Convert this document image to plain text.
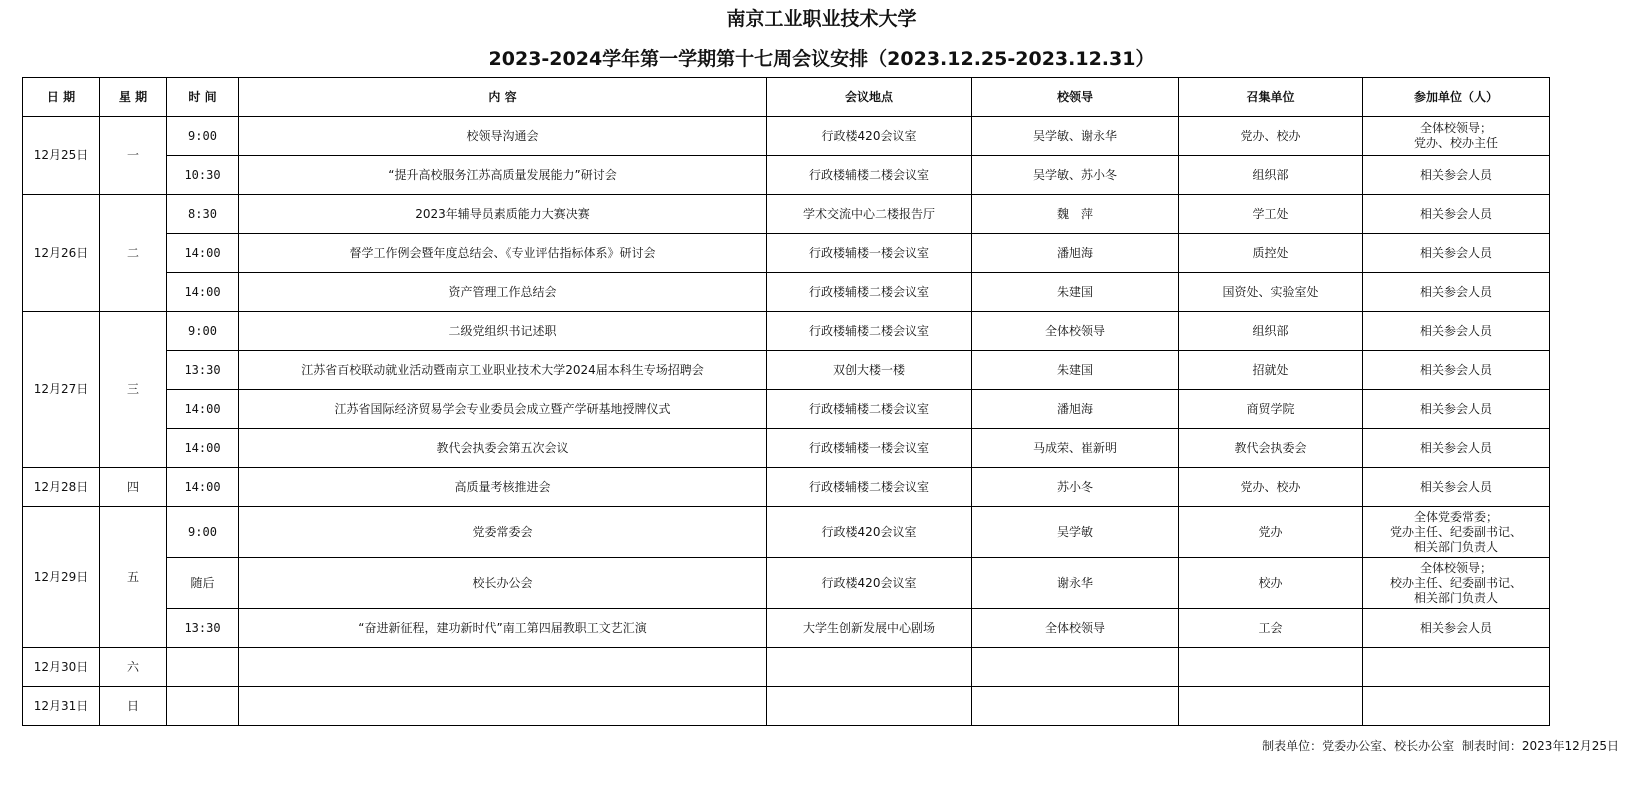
南京工业职业技术大学
2023-2024学年第一学期第十七周会议安排（2023.12.25-2023.12.31）
日 期	星 期	时 间	内 容	会议地点	校领导	召集单位	参加单位（人）
12月25日	一	9:00	校领导沟通会	行政楼420会议室	吴学敏、谢永华	党办、校办	全体校领导；
党办、校办主任
		10:30	“提升高校服务江苏高质量发展能力”研讨会	行政楼辅楼二楼会议室	吴学敏、苏小冬	组织部	相关参会人员
12月26日	二	8:30	2023年辅导员素质能力大赛决赛	学术交流中心二楼报告厅	魏　萍	学工处	相关参会人员
		14:00	督学工作例会暨年度总结会、《专业评估指标体系》研讨会	行政楼辅楼一楼会议室	潘旭海	质控处	相关参会人员
		14:00	资产管理工作总结会	行政楼辅楼二楼会议室	朱建国	国资处、实验室处	相关参会人员
12月27日	三	9:00	二级党组织书记述职	行政楼辅楼二楼会议室	全体校领导	组织部	相关参会人员
		13:30	江苏省百校联动就业活动暨南京工业职业技术大学2024届本科生专场招聘会	双创大楼一楼	朱建国	招就处	相关参会人员
		14:00	江苏省国际经济贸易学会专业委员会成立暨产学研基地授牌仪式	行政楼辅楼二楼会议室	潘旭海	商贸学院	相关参会人员
		14:00	教代会执委会第五次会议	行政楼辅楼一楼会议室	马成荣、崔新明	教代会执委会	相关参会人员
12月28日	四	14:00	高质量考核推进会	行政楼辅楼二楼会议室	苏小冬	党办、校办	相关参会人员
12月29日	五	9:00	党委常委会	行政楼420会议室	吴学敏	党办	全体党委常委；
党办主任、纪委副书记、
相关部门负责人
		随后	校长办公会	行政楼420会议室	谢永华	校办	全体校领导；
校办主任、纪委副书记、
相关部门负责人
		13:30	“奋进新征程，建功新时代”南工第四届教职工文艺汇演	大学生创新发展中心剧场	全体校领导	工会	相关参会人员
12月30日	六						
12月31日	日						
制表单位：党委办公室、校长办公室 制表时间：2023年12月25日
